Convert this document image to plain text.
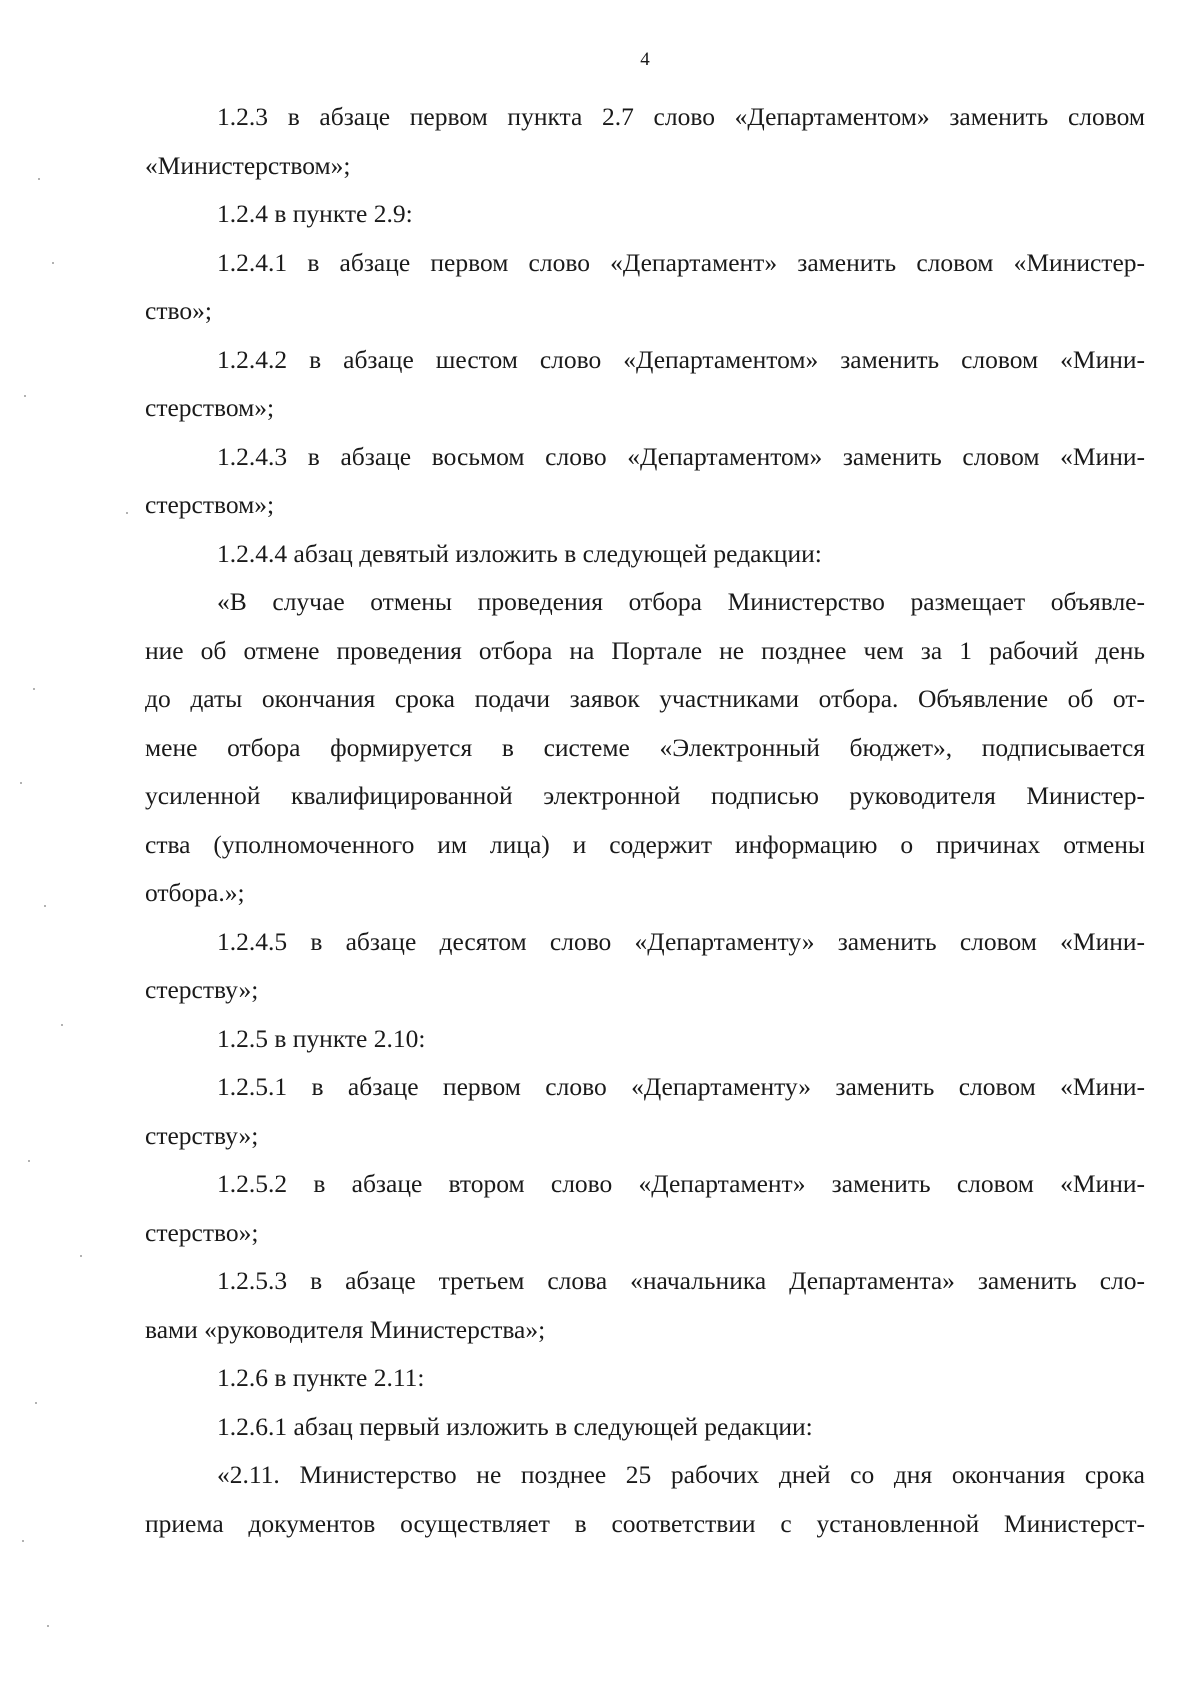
4
1.2.3 в абзаце первом пункта 2.7 слово «Департаментом» заменить словом
«Министерством»;
1.2.4 в пункте 2.9:
1.2.4.1 в абзаце первом слово «Департамент» заменить словом «Министер-
ство»;
1.2.4.2 в абзаце шестом слово «Департаментом» заменить словом «Мини-
стерством»;
1.2.4.3 в абзаце восьмом слово «Департаментом» заменить словом «Мини-
стерством»;
1.2.4.4 абзац девятый изложить в следующей редакции:
«В случае отмены проведения отбора Министерство размещает объявле-
ние об отмене проведения отбора на Портале не позднее чем за 1 рабочий день
до даты окончания срока подачи заявок участниками отбора. Объявление об от-
мене отбора формируется в системе «Электронный бюджет», подписывается
усиленной квалифицированной электронной подписью руководителя Министер-
ства (уполномоченного им лица) и содержит информацию о причинах отмены
отбора.»;
1.2.4.5 в абзаце десятом слово «Департаменту» заменить словом «Мини-
стерству»;
1.2.5 в пункте 2.10:
1.2.5.1 в абзаце первом слово «Департаменту» заменить словом «Мини-
стерству»;
1.2.5.2 в абзаце втором слово «Департамент» заменить словом «Мини-
стерство»;
1.2.5.3 в абзаце третьем слова «начальника Департамента» заменить сло-
вами «руководителя Министерства»;
1.2.6 в пункте 2.11:
1.2.6.1 абзац первый изложить в следующей редакции:
«2.11. Министерство не позднее 25 рабочих дней со дня окончания срока
приема документов осуществляет в соответствии с установленной Министерст-
